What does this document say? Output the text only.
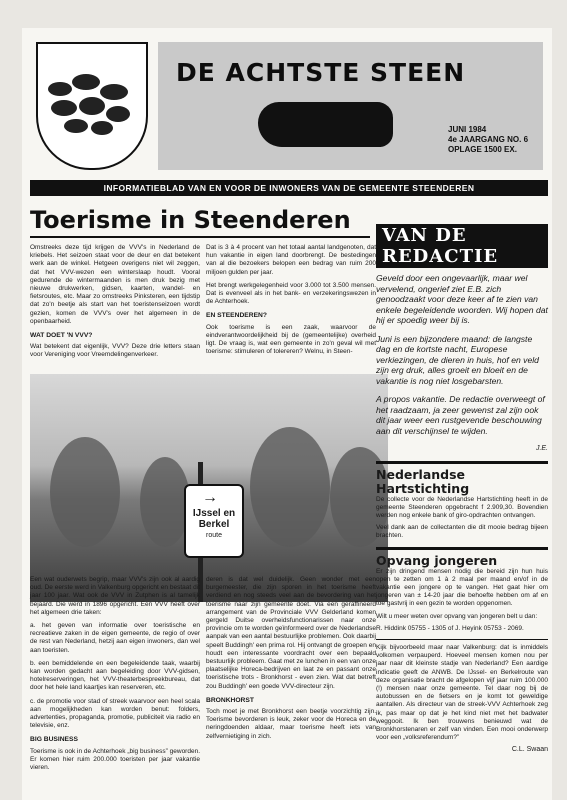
DE ACHTSTE STEEN
JUNI 1984
4e JAARGANG NO. 6
OPLAGE 1500 EX.
INFORMATIEBLAD VAN EN VOOR DE INWONERS VAN DE GEMEENTE STEENDEREN
Toerisme in Steenderen

Omstreeks deze tijd krijgen de VVV's in Nederland de kriebels. Het seizoen staat voor de deur en dat betekent werk aan de winkel. Hetgeen overigens niet wil zeggen, dat het VVV-wezen een winterslaap houdt. Vooral gedurende de wintermaanden is men druk bezig met nieuwe drukwerken, gidsen, kaarten, wandel- en fietsroutes, etc. Maar zo omstreeks Pinksteren, een tijdstip dat zo'n beetje als start van het toeristenseizoen wordt gezien, komen de VVV's over het algemeen in de openbaarheid.

WAT DOET 'N VVV?

Wat betekent dat eigenlijk, VVV? Deze drie letters staan voor Vereniging voor Vreemdelingenverkeer.

Dat is 3 à 4 procent van het totaal aantal landgenoten, dat hun vakantie in eigen land doorbrengt. De bestedingen van al die bezoekers belopen een bedrag van ruim 200 miljoen gulden per jaar.

Het brengt werkgelegenheid voor 3.000 tot 3.500 mensen. Dat is evenveel als in het bank- en verzekeringswezen in de Achterhoek.

EN STEENDEREN?

Ook toerisme is een zaak, waarvoor de eindverantwoordelijkheid bij de (gemeentelijke) overheid ligt. De vraag is, wat een gemeente in zo'n geval wil met toerisme: stimuleren of tolereren? Welnu, in Steen-

→
IJssel en
Berkel
route

Een wat ouderwets begrip, maar VVV's zijn ook al aardig oud. De eerste werd in Valkenburg opgericht en bestaat dit jaar 100 jaar. Wat ook de VVV in Zutphen is al tamelijk bejaard. Die werd in 1896 opgericht. Een VVV heeft over het algemeen drie taken:

a. het geven van informatie over toeristische en recreatieve zaken in de eigen gemeente, de regio of over de rest van Nederland, hetzij aan eigen inwoners, dan wel aan toeristen.

b. een bemiddelende en een begeleidende taak, waarbij kan worden gedacht aan begeleiding door VVV-gidsen, hotelreserveringen, het VVV-theaterbespreekbureau, dat door het hele land kaartjes kan reserveren, etc.

c. de promotie voor stad of streek waarvoor een heel scala aan mogelijkheden kan worden benut: folders, advertenties, propaganda, promotie, publiciteit via radio en televisie, enz.

BIG BUSINESS

Toerisme is ook in de Achterhoek „big business” geworden. Er komen hier ruim 200.000 toeristen per jaar vakantie vieren.

deren is dat wel duidelijk. Geen wonder met een burgemeester, die zijn sporen in het toerisme heeft verdiend en nog steeds veel aan de bevordering van het toerisme naar zijn gemeente doet. Via een geraffineerd arrangement van de Provinciale VVV Gelderland komen gergeld Duitse overheidsfunctionarissen naar onze provincie om te worden geïnformeerd over de Nederlandse aanpak van een aantal bestuurlijke problemen. Ook daarbij speelt Buddingh' een prima rol. Hij ontvangt de groepen en houdt een interessante voordracht over een bepaald bestuurlijk probleem. Gaat met ze lunchen in een van onze plaatselijke Horeca-bedrijven en laat ze en passant onze toeristische trots - Bronkhorst - even zien. Wat dat betreft zou Buddingh' een goede VVV-directeur zijn.

BRONKHORST

Toch moet je met Bronkhorst een beetje voorzichtig zijn. Toerisme bevorderen is leuk, zeker voor de Horeca en de neringdoenden aldaar, maar toerisme heeft iets van zelfvernietiging in zich.

VAN DE REDACTIE

Geveld door een ongevaarlijk, maar wel vervelend, ongerief ziet E.B. zich genoodzaakt voor deze keer af te zien van enkele begeleidende woorden. Wij hopen dat hij er spoedig weer bij is.

Juni is een bijzondere maand: de langste dag en de kortste nacht, Europese verkiezingen, de dieren in huis, hof en veld zijn erg druk, alles groeit en bloeit en de vakantie is nog niet losgebarsten.

A propos vakantie. De redactie overweegt of het raadzaam, ja zeer gewenst zal zijn ook dit jaar weer een rustgevende beschouwing aan dit verschijnsel te wijden.

J.E.
Nederlandse Hartstichting

De collecte voor de Nederlandse Hartstichting heeft in de gemeente Steenderen opgebracht f 2.909,30. Bovendien werden nog enkele bank of giro-opdrachten ontvangen.

Veel dank aan de collectanten die dit mooie bedrag bijeen brachten.

Opvang jongeren

Er zijn dringend mensen nodig die bereid zijn hun huis open te zetten om 1 à 2 maal per maand en/of in de vakantie een jongere op te vangen. Het gaat hier om jongeren van ± 14-20 jaar die behoefte hebben om af en toe gastvrij in een gezin te worden opgenomen.

Wilt u meer weten over opvang van jongeren belt u dan:

R. Hiddink 05755 - 1305 of J. Heyink 05753 - 2069.

Kijk bijvoorbeeld maar naar Valkenburg: dat is inmiddels volkomen verpauperd. Hoeveel mensen komen nou per jaar naar dit kleinste stadje van Nederland? Een aardige indicatie geeft de ANWB. De IJssel- en Berkelroute van deze organisatie bracht de afgelopen vijf jaar ruim 100.000 (!) mensen naar onze gemeente. Tel daar nog bij de autobussen en de fietsers en je komt tot geweldige aantallen. Als directeur van de streek-VVV Achterhoek zeg ik, pas maar op dat je het kind niet met het badwater weggooit. Ik ben trouwens benieuwd wat de Bronkhorstenaren er zelf van vinden. Een mooi onderwerp voor een „volksreferendum?”

C.L. Swaan
